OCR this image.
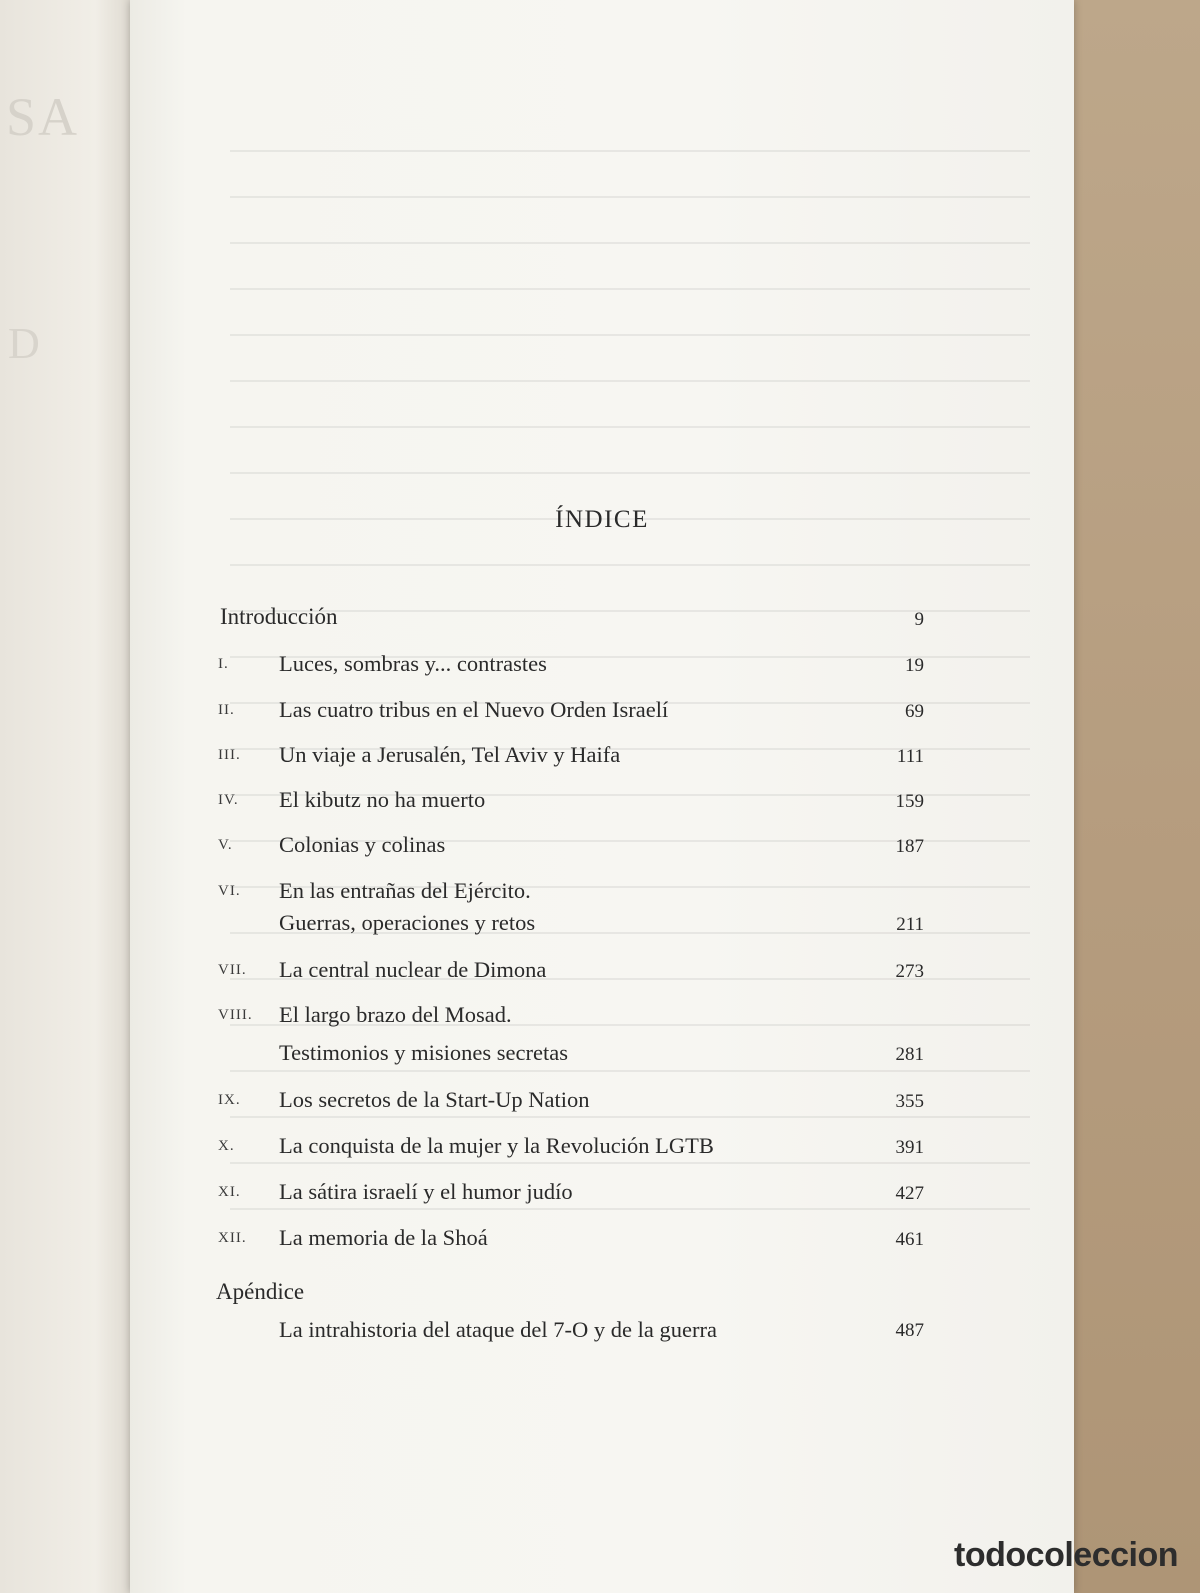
SA
D
ÍNDICE
Introducción	9
I. Luces, sombras y... contrastes	19
II. Las cuatro tribus en el Nuevo Orden Israelí	69
III. Un viaje a Jerusalén, Tel Aviv y Haifa	111
IV. El kibutz no ha muerto	159
V. Colonias y colinas	187
VI. En las entrañas del Ejército.
Guerras, operaciones y retos	211
VII. La central nuclear de Dimona	273
VIII. El largo brazo del Mosad.
Testimonios y misiones secretas	281
IX. Los secretos de la Start-Up Nation	355
X. La conquista de la mujer y la Revolución LGTB	391
XI. La sátira israelí y el humor judío	427
XII. La memoria de la Shoá	461
Apéndice
La intrahistoria del ataque del 7-O y de la guerra	487
todocoleccion
